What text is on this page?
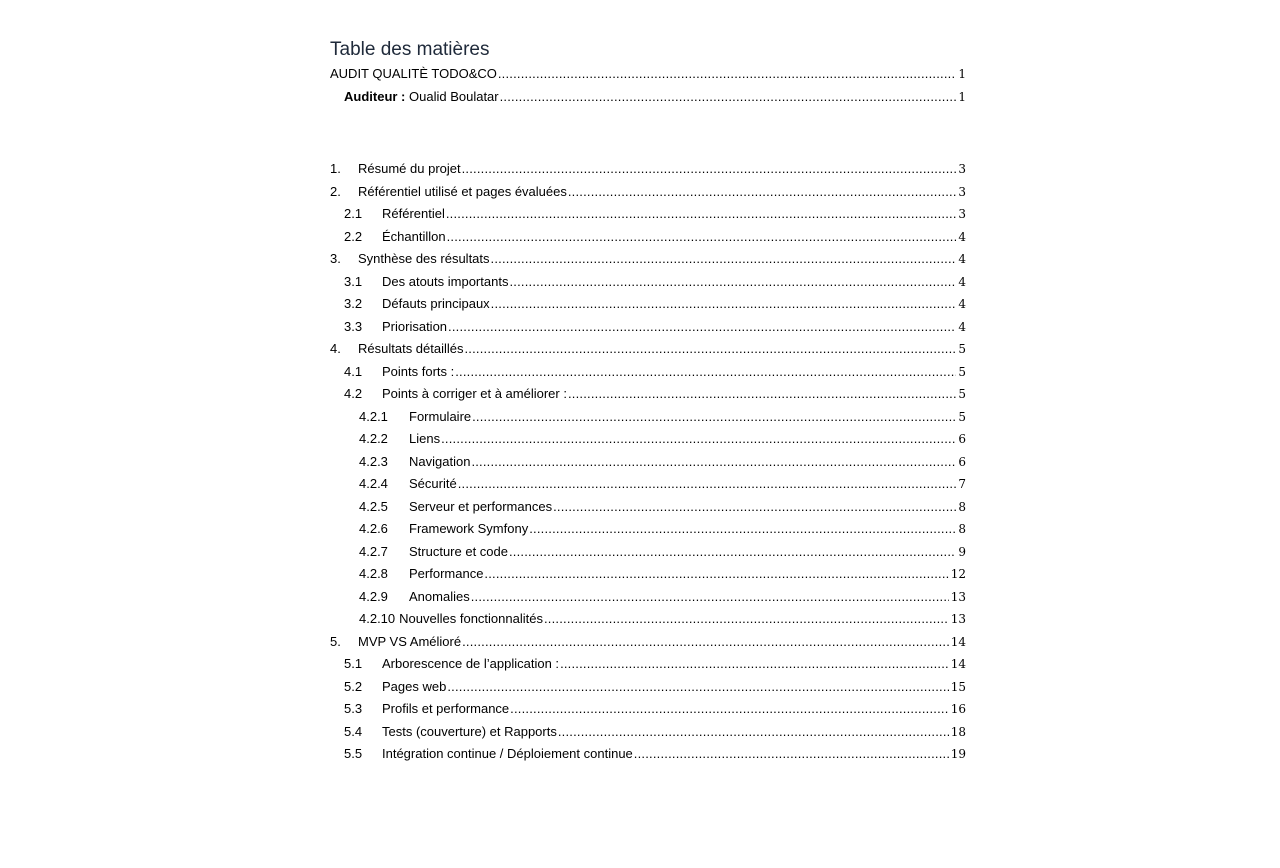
Table des matières
AUDIT QUALITÈ TODO&CO .....	1
Auditeur : Oualid Boulatar .....	1
1.	Résumé du projet .....	3
2.	Référentiel utilisé et pages évaluées .....	3
2.1	Référentiel .....	3
2.2	Échantillon .....	4
3.	Synthèse des résultats .....	4
3.1	Des atouts importants .....	4
3.2	Défauts principaux .....	4
3.3	Priorisation .....	4
4.	Résultats détaillés .....	5
4.1	Points forts : .....	5
4.2	Points à corriger et à améliorer : .....	5
4.2.1	Formulaire .....	5
4.2.2	Liens .....	6
4.2.3	Navigation .....	6
4.2.4	Sécurité .....	7
4.2.5	Serveur et performances .....	8
4.2.6	Framework Symfony .....	8
4.2.7	Structure et code .....	9
4.2.8	Performance .....	12
4.2.9	Anomalies .....	13
4.2.10 Nouvelles fonctionnalités .....	13
5.	MVP VS Amélioré .....	14
5.1	Arborescence de l’application : .....	14
5.2	Pages web .....	15
5.3	Profils et performance .....	16
5.4	Tests (couverture) et Rapports .....	18
5.5	Intégration continue / Déploiement continue .....	19
